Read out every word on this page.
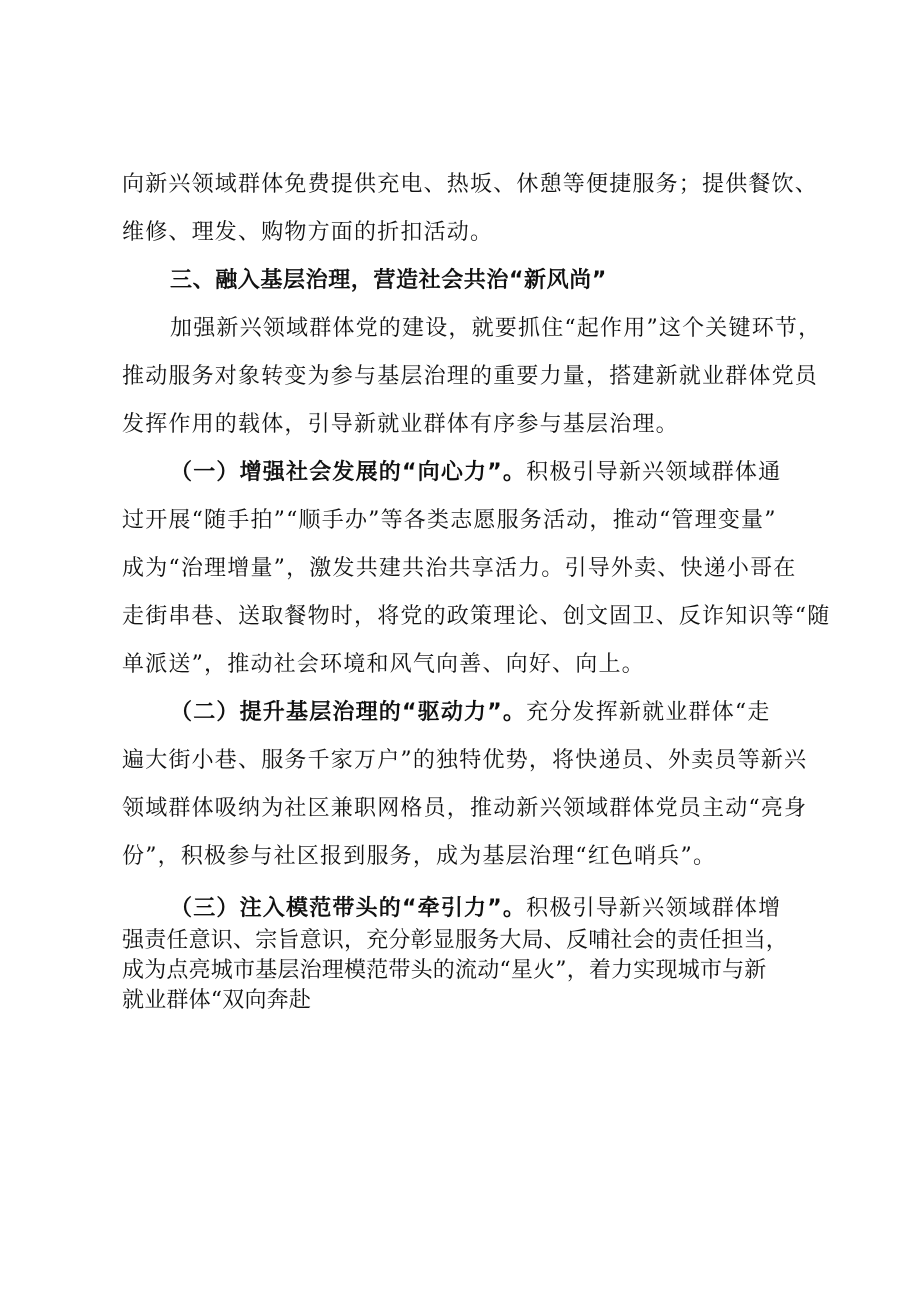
向新兴领域群体免费提供充电、热坂、休憩等便捷服务；提供餐饮、
维修、理发、购物方面的折扣活动。
三、融入基层治理，营造社会共治“新风尚”
加强新兴领域群体党的建设，就要抓住“起作用”这个关键环节，
推动服务对象转变为参与基层治理的重要力量，搭建新就业群体党员
发挥作用的载体，引导新就业群体有序参与基层治理。
（一）增强社会发展的“向心力”。积极引导新兴领域群体通
过开展“随手拍”“顺手办”等各类志愿服务活动，推动“管理变量”
成为“治理增量”，激发共建共治共享活力。引导外卖、快递小哥在
走街串巷、送取餐物时，将党的政策理论、创文固卫、反诈知识等“随
单派送”，推动社会环境和风气向善、向好、向上。
（二）提升基层治理的“驱动力”。充分发挥新就业群体“走
遍大街小巷、服务千家万户”的独特优势，将快递员、外卖员等新兴
领域群体吸纳为社区兼职网格员，推动新兴领域群体党员主动“亮身
份”，积极参与社区报到服务，成为基层治理“红色哨兵”。
（三）注入模范带头的“牵引力”。积极引导新兴领域群体增
强责任意识、宗旨意识，充分彰显服务大局、反哺社会的责任担当，
成为点亮城市基层治理模范带头的流动“星火”，着力实现城市与新
就业群体“双向奔赴
